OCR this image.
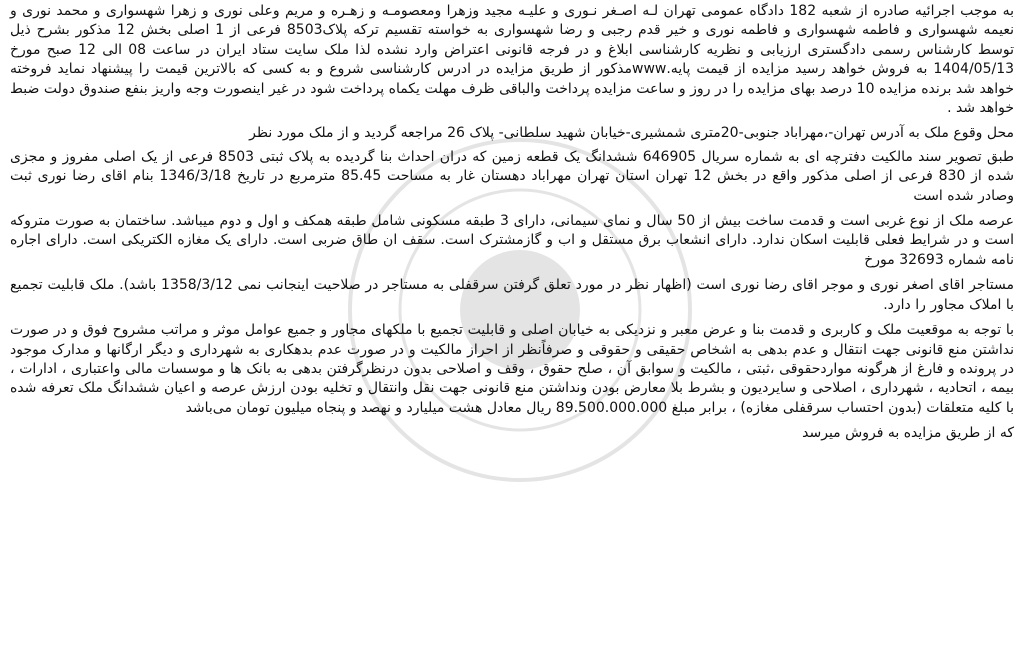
به موجب اجرائیه صادره از شعبه 182 دادگاه عمومی تهران لـه اصـغر نـوری و علیـه مجید وزهرا ومعصومـه و زهـره و مریم وعلی نوری و زهرا شهسواری و محمد نوری و نعیمه شهسواری و فاطمه شهسواری و فاطمه نوری و خیر قدم رجبی و رضا شهسواری به خواسته تقسیم ترکه پلاک8503 فرعی از 1 اصلی بخش 12 مذکور بشرح ذیل توسط کارشناس رسمی دادگستری ارزیابی و نظریه کارشناسی ابلاغ و در فرجه قانونی اعتراض وارد نشده لذا ملک سایت ستاد ایران در ساعت 08 الی 12 صبح مورخ 1404/05/13 به فروش خواهد رسید مزایده از قیمت پایه.wwwمذکور از طریق مزایده در ادرس کارشناسی شروع و به کسی که بالاترین قیمت را پیشنهاد نماید فروخته خواهد شد برنده مزایده 10 درصد بهای مزایده را در روز و ساعت مزایده پرداخت والباقی ظرف مهلت یکماه پرداخت شود در غیر اینصورت وجه واریز بنفع صندوق دولت ضبط خواهد شد .

محل وقوع ملک به آدرس تهران-،مهراباد جنوبی-20متری شمشیری-خیابان شهید سلطانی- پلاک 26 مراجعه گردید و از ملک مورد نظر

طبق تصویر سند مالکیت دفترچه ای به شماره سریال 646905 ششدانگ یک قطعه زمین که دران احداث بنا گردیده به پلاک ثبتی 8503 فرعی از یک اصلی مفروز و مجزی شده از 830 فرعی از اصلی مذکور واقع در بخش 12 تهران استان تهران مهراباد دهستان غار به مساحت 85.45 مترمربع در تاریخ 1346/3/18 بنام اقای رضا نوری ثبت وصادر شده است

عرصه ملک از نوع غربی است و قدمت ساخت بیش از 50 سال و نمای سیمانی، دارای 3 طبقه مسکونی شامل طبقه همکف و اول و دوم میباشد. ساختمان به صورت متروکه است و در شرایط فعلی قابلیت اسکان ندارد. دارای انشعاب برق مستقل و اب و گازمشترک است. سقف ان طاق ضربی است. دارای یک مغازه الکتریکی است. دارای اجاره نامه شماره 32693 مورخ

مستاجر اقای اصغر نوری و موجر اقای رضا نوری است (اظهار نظر در مورد تعلق گرفتن سرقفلی به مستاجر در صلاحیت اینجانب نمی 1358/3/12 باشد). ملک قابلیت تجمیع با املاک مجاور را دارد.

با توجه به موقعیت ملک و کاربری و قدمت بنا و عرض معبر و نزدیکی به خیابان اصلی و قابلیت تجمیع با ملکهای مجاور و جمیع عوامل موثر و مراتب مشروح فوق و در صورت نداشتن منع قانونی جهت انتقال و عدم بدهی به اشخاص حقیقی و حقوقی و صرفاًنظر از احراز مالکیت و در صورت عدم بدهکاری به شهرداری و دیگر ارگانها و مدارک موجود در پرونده و فارغ از هرگونه مواردحقوقی ،ثبتی ، مالکیت و سوابق آن ، صلح حقوق ، وقف و اصلاحی بدون درنظرگرفتن بدهی به بانک ها و موسسات مالی واعتباری ، ادارات ، بیمه ، اتحادیه ، شهرداری ، اصلاحی و سایردیون و بشرط بلا معارض بودن ونداشتن منع قانونی جهت نقل وانتقال و تخلیه بودن ارزش عرصه و اعیان ششدانگ ملک تعرفه شده با کلیه متعلقات (بدون احتساب سرقفلی مغازه) ، برابر مبلغ 89.500.000.000 ریال معادل هشت میلیارد و نهصد و پنجاه میلیون تومان می‌باشد

که از طریق مزایده به فروش میرسد
